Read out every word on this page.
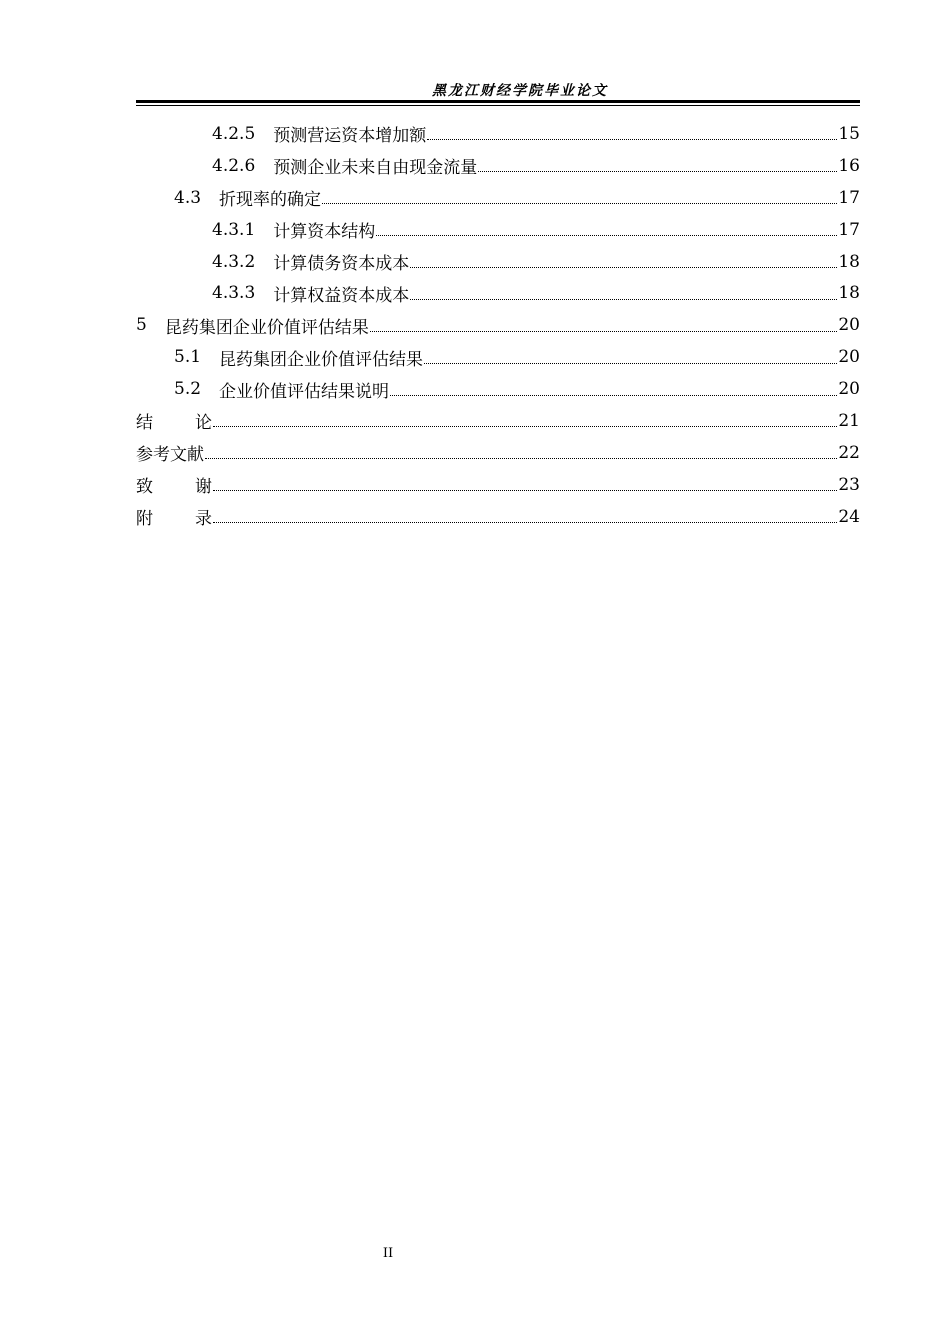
黑龙江财经学院毕业论文
4.2.5 预测营运资本增加额	15
4.2.6 预测企业未来自由现金流量	16
4.3 折现率的确定	17
4.3.1 计算资本结构	17
4.3.2 计算债务资本成本	18
4.3.3 计算权益资本成本	18
5 昆药集团企业价值评估结果	20
5.1 昆药集团企业价值评估结果	20
5.2 企业价值评估结果说明	20
结论	21
参考文献	22
致谢	23
附录	24
II
